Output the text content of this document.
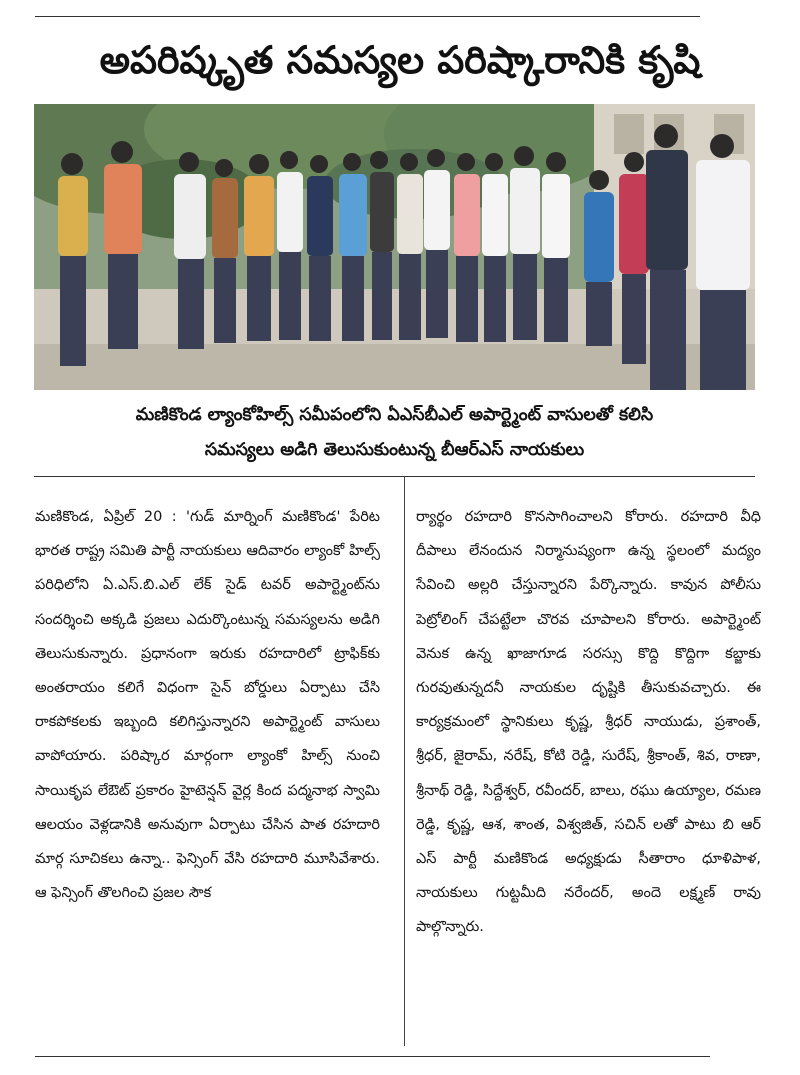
అపరిష్కృత సమస్యల పరిష్కారానికి కృషి
మణికొండ ల్యాంకోహిల్స్ సమీపంలోని ఏఎస్‌బీఎల్ అపార్ట్మెంట్ వాసులతో కలిసి
సమస్యలు అడిగి తెలుసుకుంటున్న బీఆర్ఎస్ నాయకులు

మణికొండ, ఏప్రిల్ 20 : 'గుడ్ మార్నింగ్ మణికొండ' పేరిట భారత రాష్ట్ర సమితి పార్టీ నాయకులు ఆదివారం ల్యాంకో హిల్స్ పరిధిలోని ఏ.ఎస్.బి.ఎల్ లేక్ సైడ్ టవర్ అపార్ట్మెంట్‌ను సందర్శించి అక్కడి ప్రజలు ఎదుర్కొంటున్న సమస్యలను అడిగి తెలుసుకున్నారు. ప్రధానంగా ఇరుకు రహదారిలో ట్రాఫిక్‌కు అంతరాయం కలిగే విధంగా సైన్ బోర్డులు ఏర్పాటు చేసి రాకపోకలకు ఇబ్బంది కలిగిస్తున్నారని అపార్ట్మెంట్ వాసులు వాపోయారు. పరిష్కార మార్గంగా ల్యాంకో హిల్స్ నుంచి సాయికృప లేఔట్ ప్రకారం హైటెన్షన్ వైర్ల కింద పద్మనాభ స్వామి ఆలయం వెళ్లడానికి అనువుగా ఏర్పాటు చేసిన పాత రహదారి మార్గ సూచికలు ఉన్నా.. ఫెన్సింగ్ వేసి రహదారి మూసివేశారు. ఆ ఫెన్సింగ్ తొలగించి ప్రజల సౌక

ర్యార్థం రహదారి కొనసాగించాలని కోరారు. రహదారి వీధి దీపాలు లేనందున నిర్మానుష్యంగా ఉన్న స్థలంలో మద్యం సేవించి అల్లరి చేస్తున్నారని పేర్కొన్నారు. కావున పోలీసు పెట్రోలింగ్ చేపట్టేలా చొరవ చూపాలని కోరారు. అపార్ట్మెంట్ వెనుక ఉన్న ఖాజాగూడ సరస్సు కొద్ది కొద్దిగా కబ్జాకు గురవుతున్నదనీ నాయకుల దృష్టికి తీసుకువచ్చారు. ఈ కార్యక్రమంలో స్థానికులు కృష్ణ, శ్రీధర్ నాయుడు, ప్రశాంత్, శ్రీధర్, జైరామ్, నరేష్, కోటి రెడ్డి, సురేష్, శ్రీకాంత్, శివ, రాణా, శ్రీనాథ్ రెడ్డి, సిద్దేశ్వర్, రవీందర్, బాలు, రఘు ఉయ్యాల, రమణ రెడ్డి, కృష్ణ, ఆశ, శాంత, విశ్వజిత్, సచిన్ లతో పాటు బి ఆర్ ఎస్ పార్టీ మణికొండ అధ్యక్షుడు సీతారాం ధూళిపాళ, నాయకులు గుట్టమీది నరేందర్, అందె లక్ష్మణ్ రావు పాల్గొన్నారు.
